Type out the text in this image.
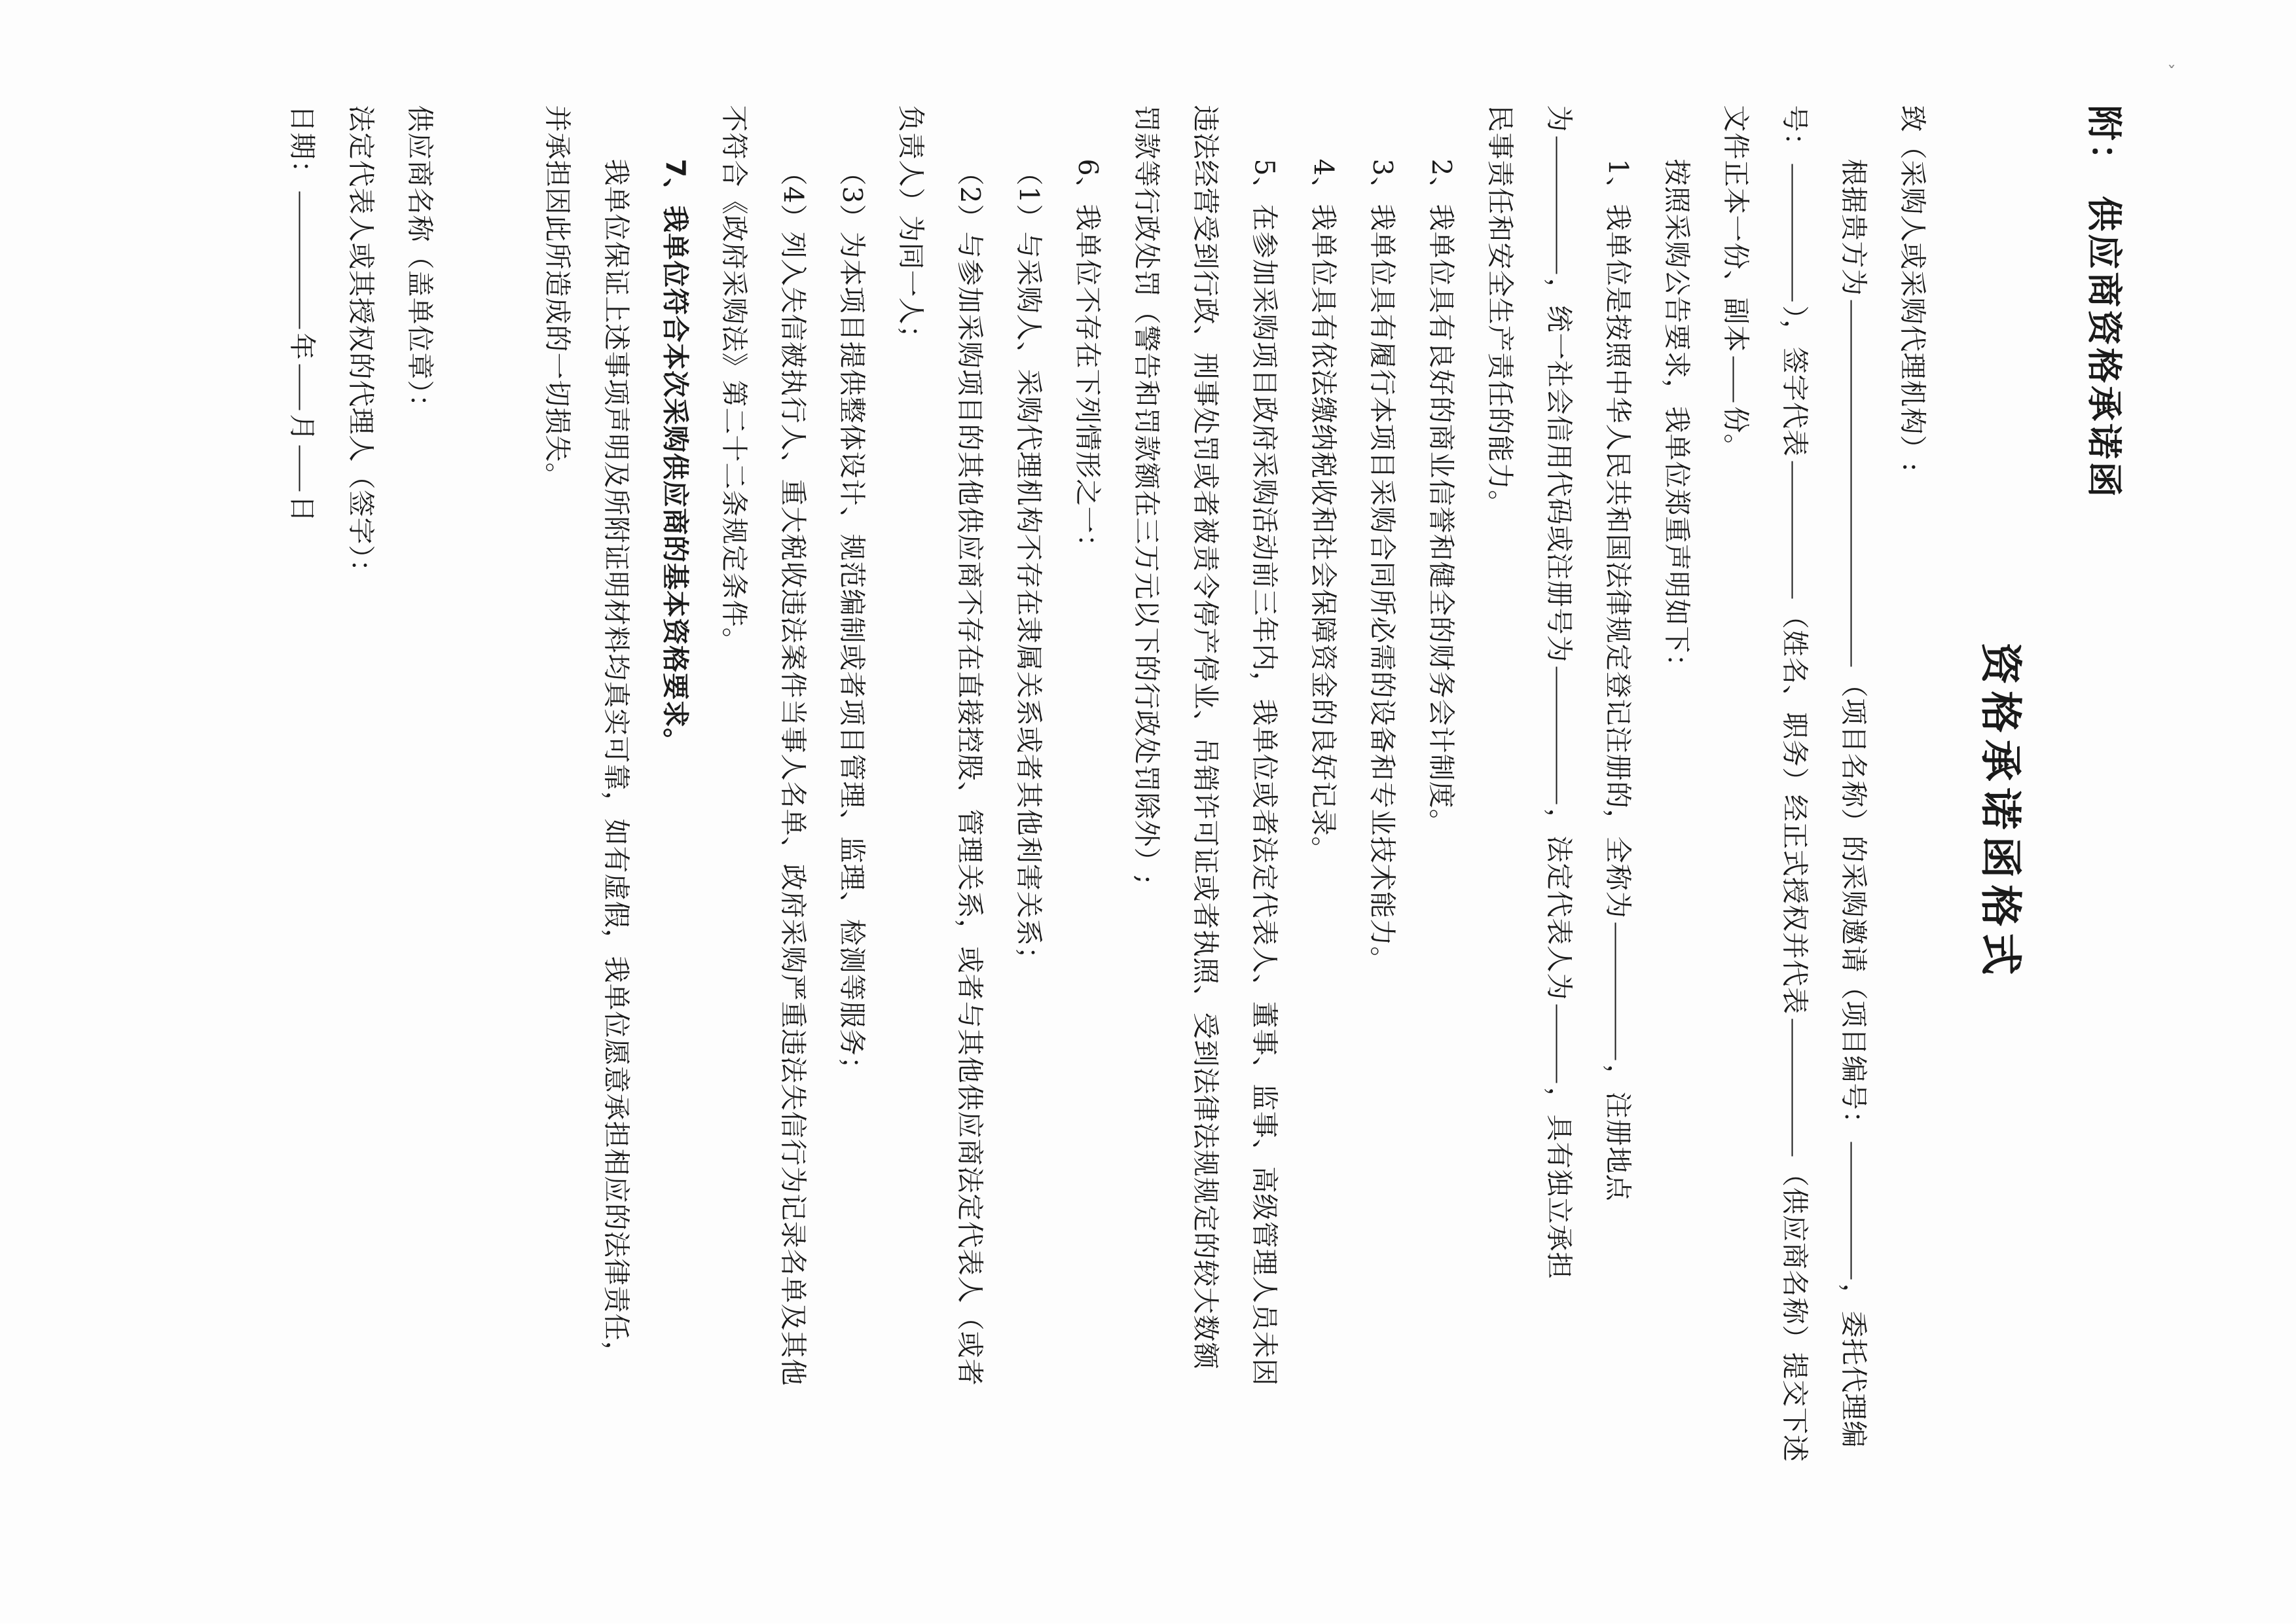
ˇ
附： 供应商资格承诺函
资格承诺函格式
致（采购人或采购代理机构）:
根据贵方为（项目名称）的采购邀请（项目编号：，委托代理编
号：），签字代表（姓名、职务）经正式授权并代表（供应商名称）提交下述
文件正本一份、副本份。
按照采购公告要求，我单位郑重声明如下：
1、我单位是按照中华人民共和国法律规定登记注册的，全称为，注册地点
为，统一社会信用代码或注册号为，法定代表人为，具有独立承担
民事责任和安全生产责任的能力。
2、我单位具有良好的商业信誉和健全的财务会计制度。
3、我单位具有履行本项目采购合同所必需的设备和专业技术能力。
4、我单位具有依法缴纳税收和社会保障资金的良好记录。
5、在参加采购项目政府采购活动前三年内，我单位或者法定代表人、董事、监事、高级管理人员未因
违法经营受到行政、刑事处罚或者被责令停产停业、吊销许可证或者执照、受到法律法规规定的较大数额
罚款等行政处罚（警告和罚款额在三万元以下的行政处罚除外）;
6、我单位不存在下列情形之一：
（1）与采购人、采购代理机构不存在隶属关系或者其他利害关系；
（2）与参加采购项目的其他供应商不存在直接控股、管理关系，或者与其他供应商法定代表人（或者
负责人）为同一人；
（3）为本项目提供整体设计、规范编制或者项目管理、监理、检测等服务；
（4）列入失信被执行人、重大税收违法案件当事人名单、政府采购严重违法失信行为记录名单及其他
不符合《政府采购法》第二十二条规定条件。
7、我单位符合本次采购供应商的基本资格要求。
我单位保证上述事项声明及所附证明材料均真实可靠，如有虚假，我单位愿意承担相应的法律责任，
并承担因此所造成的一切损失。
供应商名称（盖单位章）：
法定代表人或其授权的代理人（签字）：
日期：年月日
